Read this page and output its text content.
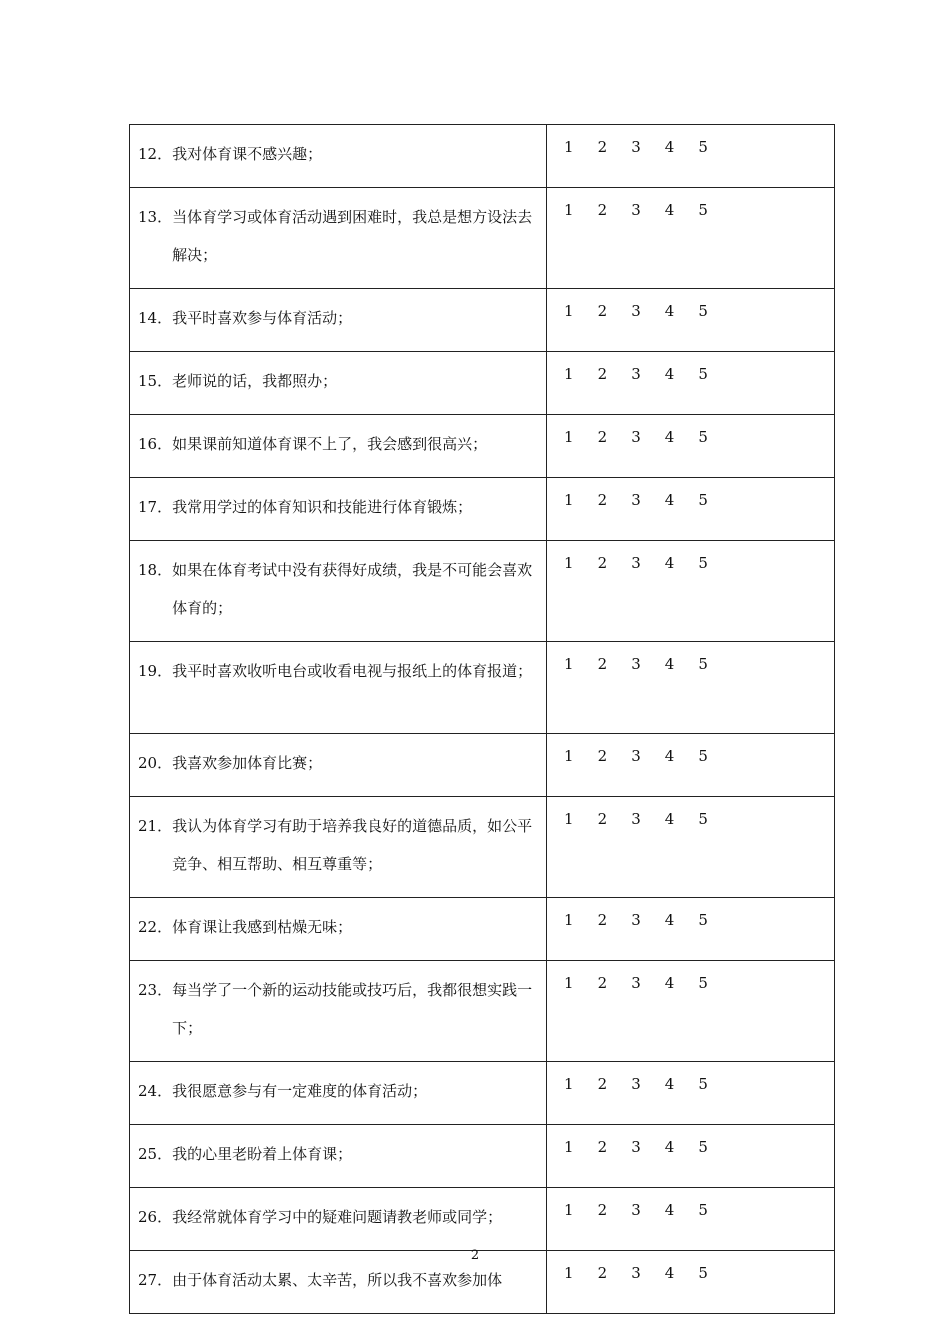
12． 我对体育课不感兴趣；	1 2 3 4 5

13． 当体育学习或体育活动遇到困难时，我总是想方设法去解决；	1 2 3 4 5

14． 我平时喜欢参与体育活动；	1 2 3 4 5

15． 老师说的话，我都照办；	1 2 3 4 5

16． 如果课前知道体育课不上了，我会感到很高兴；	1 2 3 4 5

17． 我常用学过的体育知识和技能进行体育锻炼；	1 2 3 4 5

18． 如果在体育考试中没有获得好成绩，我是不可能会喜欢体育的；	1 2 3 4 5

19． 我平时喜欢收听电台或收看电视与报纸上的体育报道；	1 2 3 4 5

20． 我喜欢参加体育比赛；	1 2 3 4 5

21． 我认为体育学习有助于培养我良好的道德品质，如公平竞争、相互帮助、相互尊重等；	1 2 3 4 5

22． 体育课让我感到枯燥无味；	1 2 3 4 5

23． 每当学了一个新的运动技能或技巧后，我都很想实践一下；	1 2 3 4 5

24． 我很愿意参与有一定难度的体育活动；	1 2 3 4 5

25． 我的心里老盼着上体育课；	1 2 3 4 5

26． 我经常就体育学习中的疑难问题请教老师或同学；	1 2 3 4 5

27． 由于体育活动太累、太辛苦，所以我不喜欢参加体	1 2 3 4 5
2
